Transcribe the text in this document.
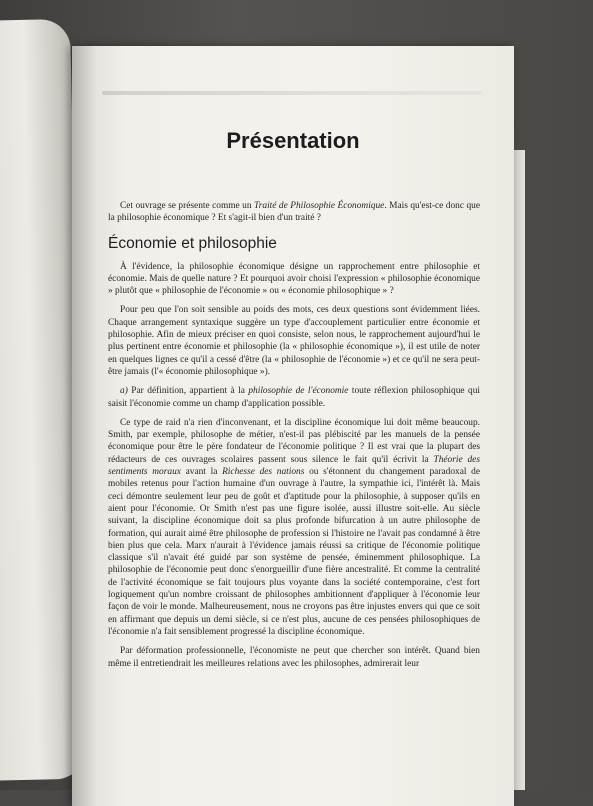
Présentation

Cet ouvrage se présente comme un Traité de Philosophie Économique. Mais qu'est-ce donc que la philosophie économique ? Et s'agit-il bien d'un traité ?

Économie et philosophie

À l'évidence, la philosophie économique désigne un rapprochement entre philosophie et économie. Mais de quelle nature ? Et pourquoi avoir choisi l'expression « philosophie économique » plutôt que « philosophie de l'économie » ou « économie philosophique » ?

Pour peu que l'on soit sensible au poids des mots, ces deux questions sont évidemment liées. Chaque arrangement syntaxique suggère un type d'accouplement particulier entre économie et philosophie. Afin de mieux préciser en quoi consiste, selon nous, le rapprochement aujourd'hui le plus pertinent entre économie et philosophie (la « philosophie économique »), il est utile de noter en quelques lignes ce qu'il a cessé d'être (la « philosophie de l'économie ») et ce qu'il ne sera peut-être jamais (l'« économie philosophique »).

a) Par définition, appartient à la philosophie de l'économie toute réflexion philosophique qui saisit l'économie comme un champ d'application possible.

Ce type de raid n'a rien d'inconvenant, et la discipline économique lui doit même beaucoup. Smith, par exemple, philosophe de métier, n'est-il pas plébiscité par les manuels de la pensée économique pour être le père fondateur de l'économie politique ? Il est vrai que la plupart des rédacteurs de ces ouvrages scolaires passent sous silence le fait qu'il écrivit la Théorie des sentiments moraux avant la Richesse des nations ou s'étonnent du changement paradoxal de mobiles retenus pour l'action humaine d'un ouvrage à l'autre, la sympathie ici, l'intérêt là. Mais ceci démontre seulement leur peu de goût et d'aptitude pour la philosophie, à supposer qu'ils en aient pour l'économie. Or Smith n'est pas une figure isolée, aussi illustre soit-elle. Au siècle suivant, la discipline économique doit sa plus profonde bifurcation à un autre philosophe de formation, qui aurait aimé être philosophe de profession si l'histoire ne l'avait pas condamné à être bien plus que cela. Marx n'aurait à l'évidence jamais réussi sa critique de l'économie politique classique s'il n'avait été guidé par son système de pensée, éminemment philosophique. La philosophie de l'économie peut donc s'enorgueillir d'une fière ancestralité. Et comme la centralité de l'activité économique se fait toujours plus voyante dans la société contemporaine, c'est fort logiquement qu'un nombre croissant de philosophes ambitionnent d'appliquer à l'économie leur façon de voir le monde. Malheureusement, nous ne croyons pas être injustes envers qui que ce soit en affirmant que depuis un demi siècle, si ce n'est plus, aucune de ces pensées philosophiques de l'économie n'a fait sensiblement progressé la discipline économique.

Par déformation professionnelle, l'économiste ne peut que chercher son intérêt. Quand bien même il entretiendrait les meilleures relations avec les philosophes, admirerait leur
